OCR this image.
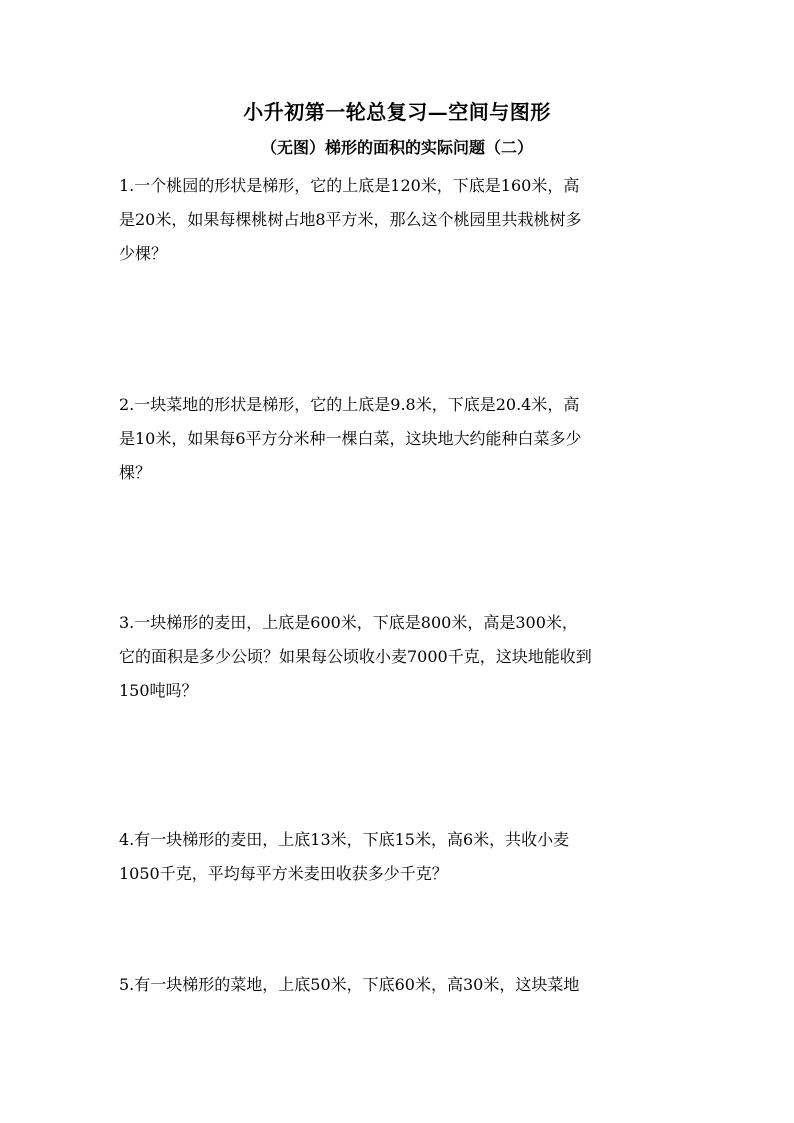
小升初第一轮总复习—空间与图形
（无图）梯形的面积的实际问题（二）
1.一个桃园的形状是梯形，它的上底是120米，下底是160米，高
是20米，如果每棵桃树占地8平方米，那么这个桃园里共栽桃树多
少棵？
2.一块菜地的形状是梯形，它的上底是9.8米，下底是20.4米，高
是10米，如果每6平方分米种一棵白菜，这块地大约能种白菜多少
棵？
3.一块梯形的麦田，上底是600米，下底是800米，高是300米，
它的面积是多少公顷？如果每公顷收小麦7000千克，这块地能收到
150吨吗？
4.有一块梯形的麦田，上底13米，下底15米，高6米，共收小麦
1050千克，平均每平方米麦田收获多少千克？
5.有一块梯形的菜地，上底50米，下底60米，高30米，这块菜地
